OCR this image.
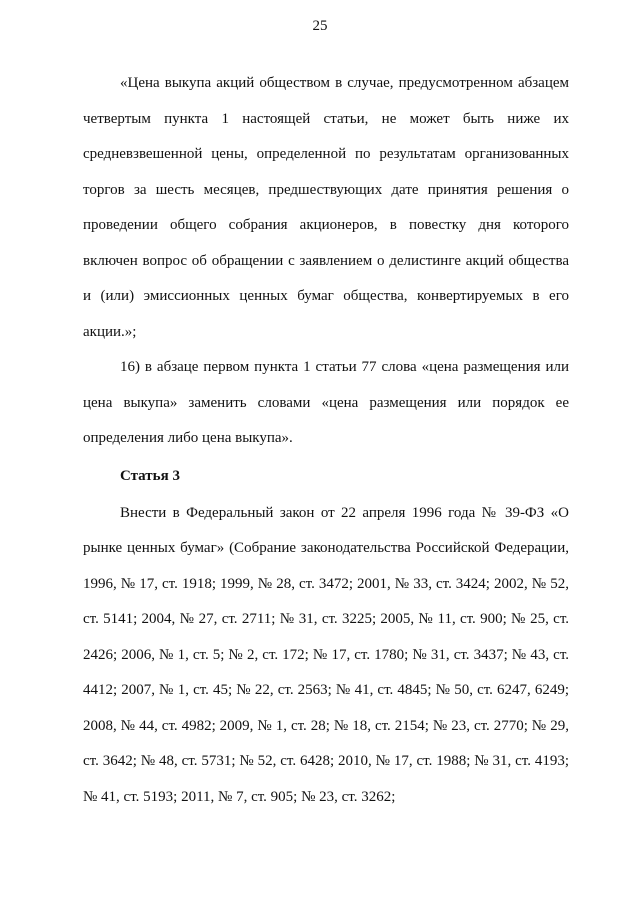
25

«Цена выкупа акций обществом в случае, предусмотренном абзацем четвертым пункта 1 настоящей статьи, не может быть ниже их средневзвешенной цены, определенной по результатам организованных торгов за шесть месяцев, предшествующих дате принятия решения о проведении общего собрания акционеров, в повестку дня которого включен вопрос об обращении с заявлением о делистинге акций общества и (или) эмиссионных ценных бумаг общества, конвертируемых в его акции.»;

16) в абзаце первом пункта 1 статьи 77 слова «цена размещения или цена выкупа» заменить словами «цена размещения или порядок ее определения либо цена выкупа».

Статья 3

Внести в Федеральный закон от 22 апреля 1996 года № 39-ФЗ «О рынке ценных бумаг» (Собрание законодательства Российской Федерации, 1996, № 17, ст. 1918; 1999, № 28, ст. 3472; 2001, № 33, ст. 3424; 2002, № 52, ст. 5141; 2004, № 27, ст. 2711; № 31, ст. 3225; 2005, № 11, ст. 900; № 25, ст. 2426; 2006, № 1, ст. 5; № 2, ст. 172; № 17, ст. 1780; № 31, ст. 3437; № 43, ст. 4412; 2007, № 1, ст. 45; № 22, ст. 2563; № 41, ст. 4845; № 50, ст. 6247, 6249; 2008, № 44, ст. 4982; 2009, № 1, ст. 28; № 18, ст. 2154; № 23, ст. 2770; № 29, ст. 3642; № 48, ст. 5731; № 52, ст. 6428; 2010, № 17, ст. 1988; № 31, ст. 4193; № 41, ст. 5193; 2011, № 7, ст. 905; № 23, ст. 3262;
